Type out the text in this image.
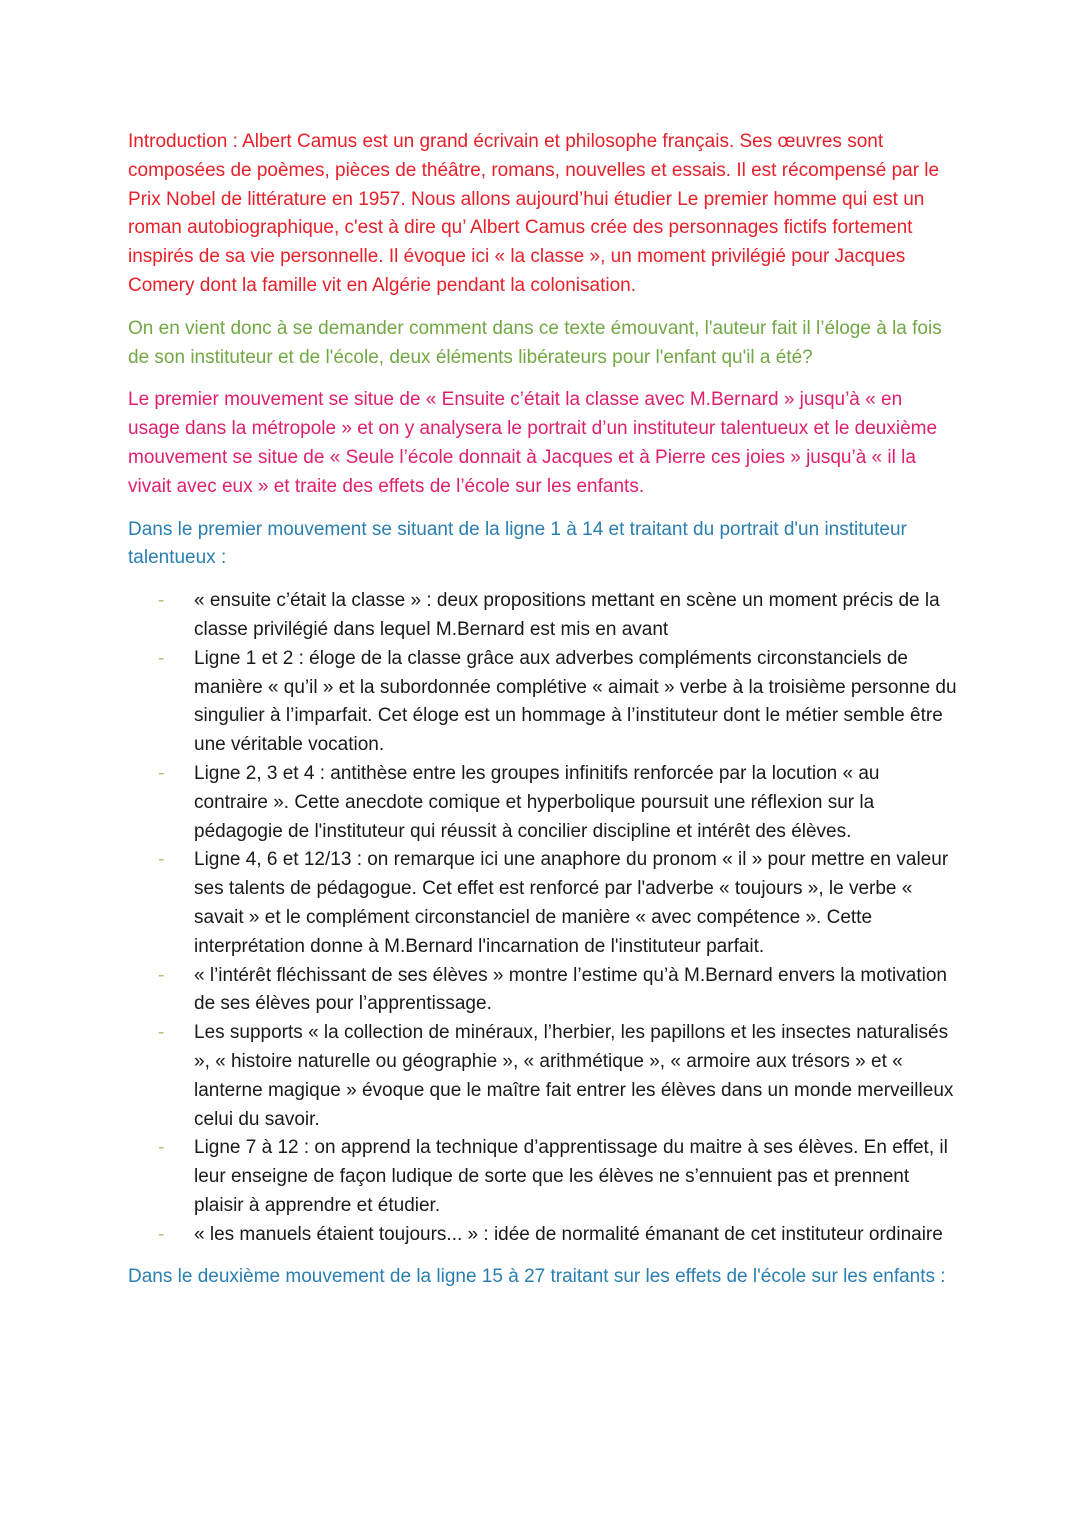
Introduction : Albert Camus est un grand écrivain et philosophe français. Ses œuvres sont composées de poèmes, pièces de théâtre, romans, nouvelles et essais. Il est récompensé par le Prix Nobel de littérature en 1957. Nous allons aujourd’hui étudier Le premier homme qui est un roman autobiographique, c'est à dire qu’ Albert Camus crée des personnages fictifs fortement inspirés de sa vie personnelle. Il évoque ici « la classe », un moment privilégié pour Jacques Comery dont la famille vit en Algérie pendant la colonisation.

On en vient donc à se demander comment dans ce texte émouvant, l'auteur fait il l’éloge à la fois de son instituteur et de l'école, deux éléments libérateurs pour l'enfant qu'il a été?

Le premier mouvement se situe de « Ensuite c’était la classe avec M.Bernard » jusqu’à « en usage dans la métropole » et on y analysera le portrait d’un instituteur talentueux et le deuxième mouvement se situe de « Seule l’école donnait à Jacques et à Pierre ces joies » jusqu’à « il la vivait avec eux » et traite des effets de l’école sur les enfants.

Dans le premier mouvement se situant de la ligne 1 à 14 et traitant du portrait d'un instituteur talentueux :

- « ensuite c’était la classe » : deux propositions mettant en scène un moment précis de la classe privilégié dans lequel M.Bernard est mis en avant
- Ligne 1 et 2 : éloge de la classe grâce aux adverbes compléments circonstanciels de manière « qu’il » et la subordonnée complétive « aimait » verbe à la troisième personne du singulier à l’imparfait. Cet éloge est un hommage à l’instituteur dont le métier semble être une véritable vocation.
- Ligne 2, 3 et 4 : antithèse entre les groupes infinitifs renforcée par la locution « au contraire ». Cette anecdote comique et hyperbolique poursuit une réflexion sur la pédagogie de l'instituteur qui réussit à concilier discipline et intérêt des élèves.
- Ligne 4, 6 et 12/13 : on remarque ici une anaphore du pronom « il » pour mettre en valeur ses talents de pédagogue. Cet effet est renforcé par l'adverbe « toujours », le verbe « savait » et le complément circonstanciel de manière « avec compétence ». Cette interprétation donne à M.Bernard l'incarnation de l'instituteur parfait.
- « l’intérêt fléchissant de ses élèves » montre l’estime qu’à M.Bernard envers la motivation de ses élèves pour l’apprentissage.
- Les supports « la collection de minéraux, l’herbier, les papillons et les insectes naturalisés », « histoire naturelle ou géographie », « arithmétique », « armoire aux trésors » et « lanterne magique » évoque que le maître fait entrer les élèves dans un monde merveilleux celui du savoir.
- Ligne 7 à 12 : on apprend la technique d’apprentissage du maitre à ses élèves. En effet, il leur enseigne de façon ludique de sorte que les élèves ne s’ennuient pas et prennent plaisir à apprendre et étudier.
- « les manuels étaient toujours... » : idée de normalité émanant de cet instituteur ordinaire

Dans le deuxième mouvement de la ligne 15 à 27 traitant sur les effets de l'école sur les enfants :
